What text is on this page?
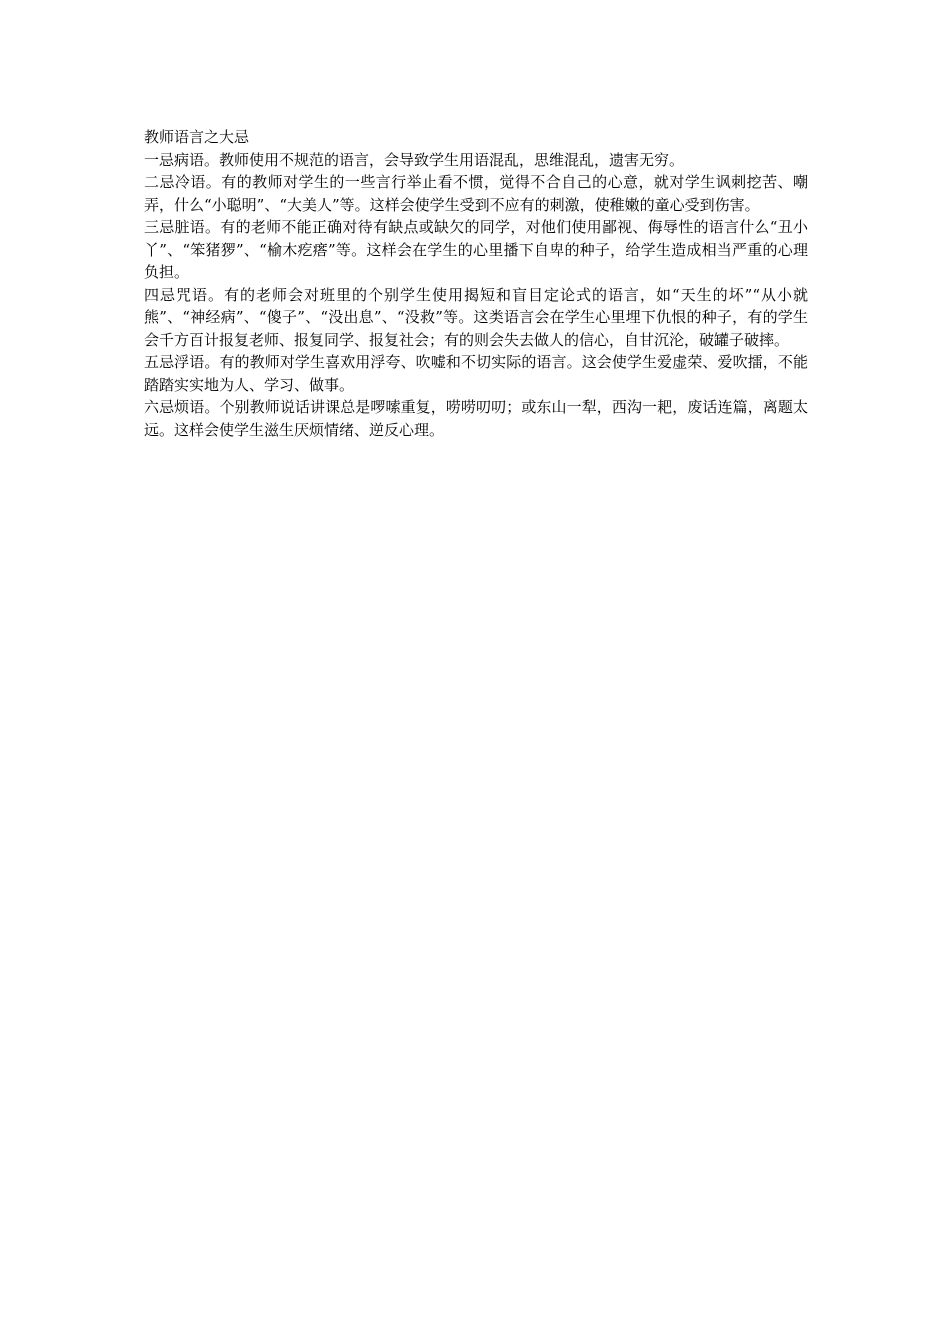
教师语言之大忌

一忌病语。教师使用不规范的语言，会导致学生用语混乱，思维混乱，遗害无穷。

二忌冷语。有的教师对学生的一些言行举止看不惯，觉得不合自己的心意，就对学生讽刺挖苦、嘲弄，什么“小聪明”、“大美人”等。这样会使学生受到不应有的刺激，使稚嫩的童心受到伤害。

三忌脏语。有的老师不能正确对待有缺点或缺欠的同学，对他们使用鄙视、侮辱性的语言什么“丑小丫”、“笨猪猡”、“榆木疙瘩”等。这样会在学生的心里播下自卑的种子，给学生造成相当严重的心理负担。

四忌咒语。有的老师会对班里的个别学生使用揭短和盲目定论式的语言，如“天生的坏”“从小就熊”、“神经病”、“傻子”、“没出息”、“没救”等。这类语言会在学生心里埋下仇恨的种子，有的学生会千方百计报复老师、报复同学、报复社会；有的则会失去做人的信心，自甘沉沦，破罐子破摔。

五忌浮语。有的教师对学生喜欢用浮夸、吹嘘和不切实际的语言。这会使学生爱虚荣、爱吹擂，不能踏踏实实地为人、学习、做事。

六忌烦语。个别教师说话讲课总是啰嗦重复，唠唠叨叨；或东山一犁，西沟一耙，废话连篇，离题太远。这样会使学生滋生厌烦情绪、逆反心理。
